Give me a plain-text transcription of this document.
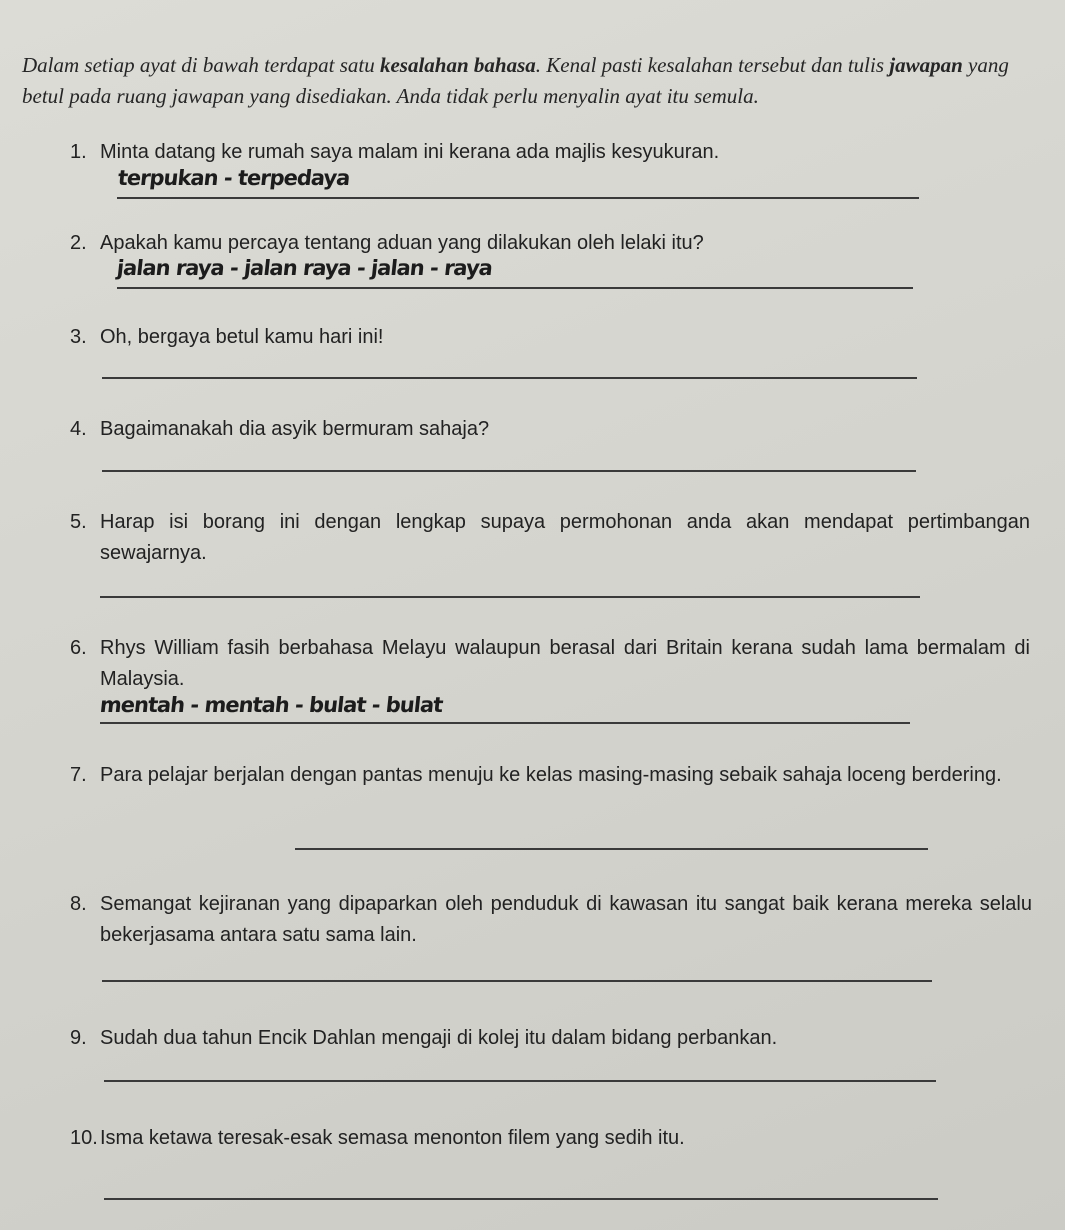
Dalam setiap ayat di bawah terdapat satu kesalahan bahasa. Kenal pasti kesalahan tersebut dan tulis jawapan yang betul pada ruang jawapan yang disediakan. Anda tidak perlu menyalin ayat itu semula.
1. Minta datang ke rumah saya malam ini kerana ada majlis kesyukuran.
terpukan - terpedaya
2. Apakah kamu percaya tentang aduan yang dilakukan oleh lelaki itu?
jalan raya - jalan raya - jalan - raya
3. Oh, bergaya betul kamu hari ini!
4. Bagaimanakah dia asyik bermuram sahaja?
5. Harap isi borang ini dengan lengkap supaya permohonan anda akan mendapat pertimbangan sewajarnya.
6. Rhys William fasih berbahasa Melayu walaupun berasal dari Britain kerana sudah lama bermalam di Malaysia.
mentah - mentah - bulat - bulat
7. Para pelajar berjalan dengan pantas menuju ke kelas masing-masing sebaik sahaja loceng berdering.
8. Semangat kejiranan yang dipaparkan oleh penduduk di kawasan itu sangat baik kerana mereka selalu bekerjasama antara satu sama lain.
9. Sudah dua tahun Encik Dahlan mengaji di kolej itu dalam bidang perbankan.
10. Isma ketawa teresak-esak semasa menonton filem yang sedih itu.
